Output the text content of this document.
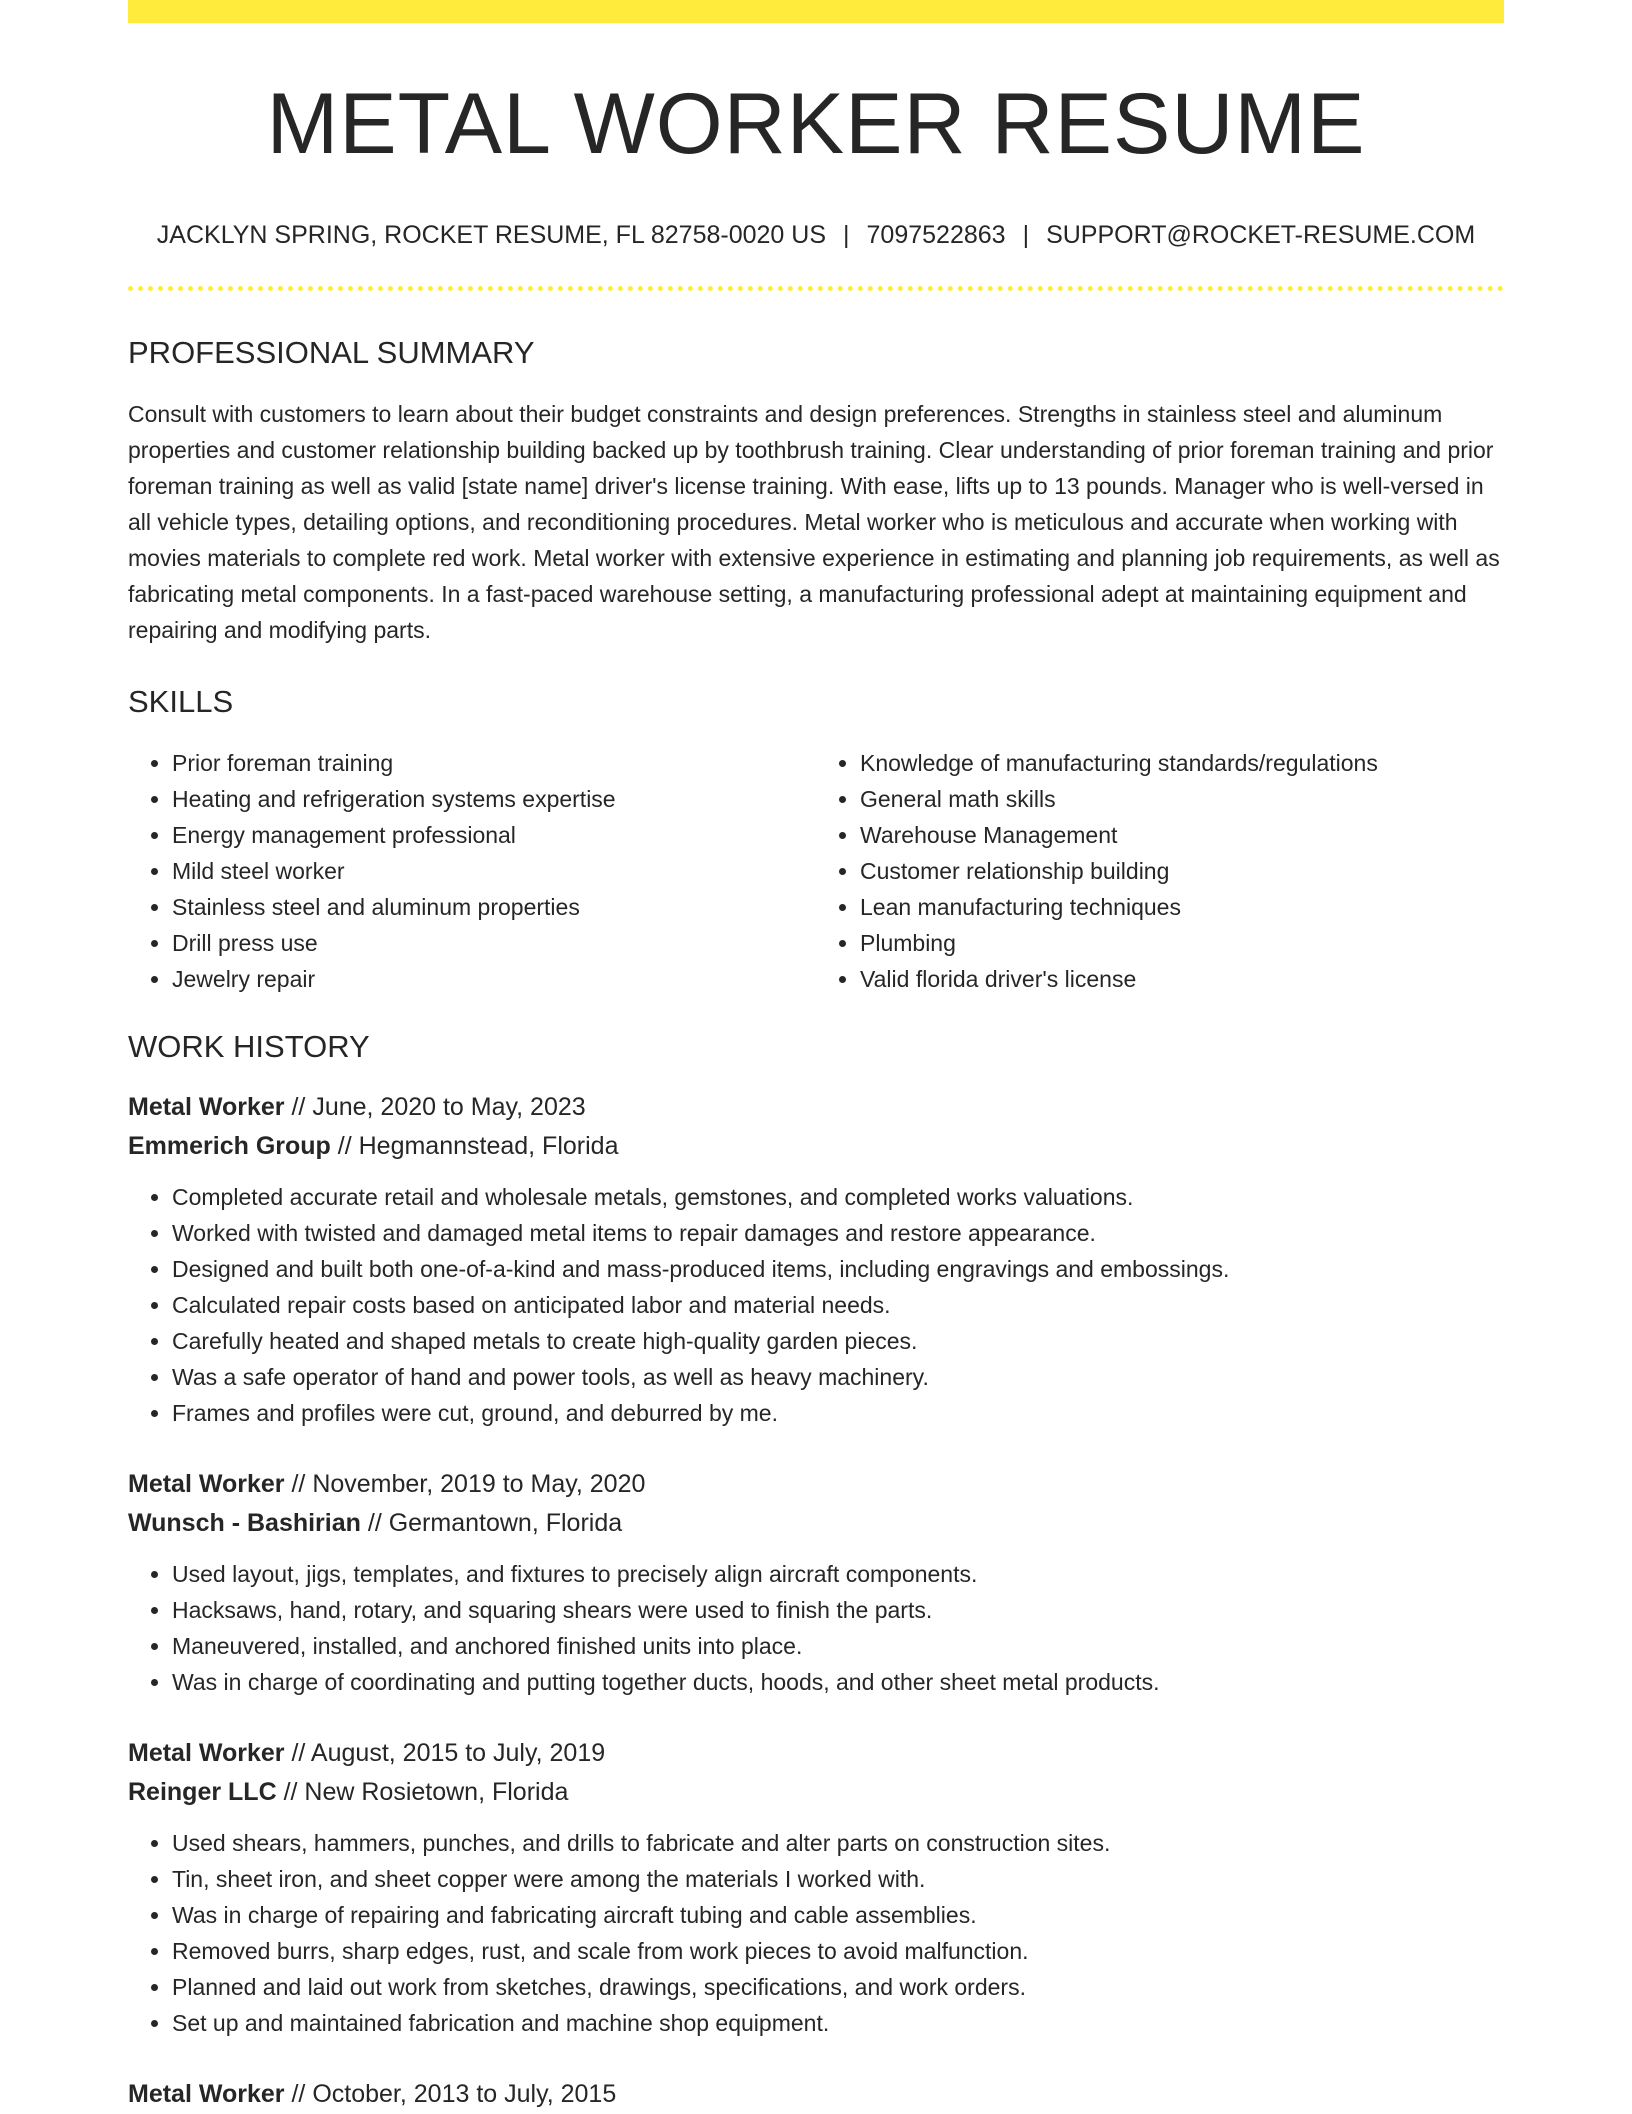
METAL WORKER RESUME
JACKLYN SPRING, ROCKET RESUME, FL 82758-0020 US | 7097522863 | SUPPORT@ROCKET-RESUME.COM
PROFESSIONAL SUMMARY
Consult with customers to learn about their budget constraints and design preferences. Strengths in stainless steel and aluminum properties and customer relationship building backed up by toothbrush training. Clear understanding of prior foreman training and prior foreman training as well as valid [state name] driver's license training. With ease, lifts up to 13 pounds. Manager who is well-versed in all vehicle types, detailing options, and reconditioning procedures. Metal worker who is meticulous and accurate when working with movies materials to complete red work. Metal worker with extensive experience in estimating and planning job requirements, as well as fabricating metal components. In a fast-paced warehouse setting, a manufacturing professional adept at maintaining equipment and repairing and modifying parts.
SKILLS
• Prior foreman training
• Heating and refrigeration systems expertise
• Energy management professional
• Mild steel worker
• Stainless steel and aluminum properties
• Drill press use
• Jewelry repair
• Knowledge of manufacturing standards/regulations
• General math skills
• Warehouse Management
• Customer relationship building
• Lean manufacturing techniques
• Plumbing
• Valid florida driver's license
WORK HISTORY
Metal Worker // June, 2020 to May, 2023
Emmerich Group // Hegmannstead, Florida
• Completed accurate retail and wholesale metals, gemstones, and completed works valuations.
• Worked with twisted and damaged metal items to repair damages and restore appearance.
• Designed and built both one-of-a-kind and mass-produced items, including engravings and embossings.
• Calculated repair costs based on anticipated labor and material needs.
• Carefully heated and shaped metals to create high-quality garden pieces.
• Was a safe operator of hand and power tools, as well as heavy machinery.
• Frames and profiles were cut, ground, and deburred by me.
Metal Worker // November, 2019 to May, 2020
Wunsch - Bashirian // Germantown, Florida
• Used layout, jigs, templates, and fixtures to precisely align aircraft components.
• Hacksaws, hand, rotary, and squaring shears were used to finish the parts.
• Maneuvered, installed, and anchored finished units into place.
• Was in charge of coordinating and putting together ducts, hoods, and other sheet metal products.
Metal Worker // August, 2015 to July, 2019
Reinger LLC // New Rosietown, Florida
• Used shears, hammers, punches, and drills to fabricate and alter parts on construction sites.
• Tin, sheet iron, and sheet copper were among the materials I worked with.
• Was in charge of repairing and fabricating aircraft tubing and cable assemblies.
• Removed burrs, sharp edges, rust, and scale from work pieces to avoid malfunction.
• Planned and laid out work from sketches, drawings, specifications, and work orders.
• Set up and maintained fabrication and machine shop equipment.
Metal Worker // October, 2013 to July, 2015
